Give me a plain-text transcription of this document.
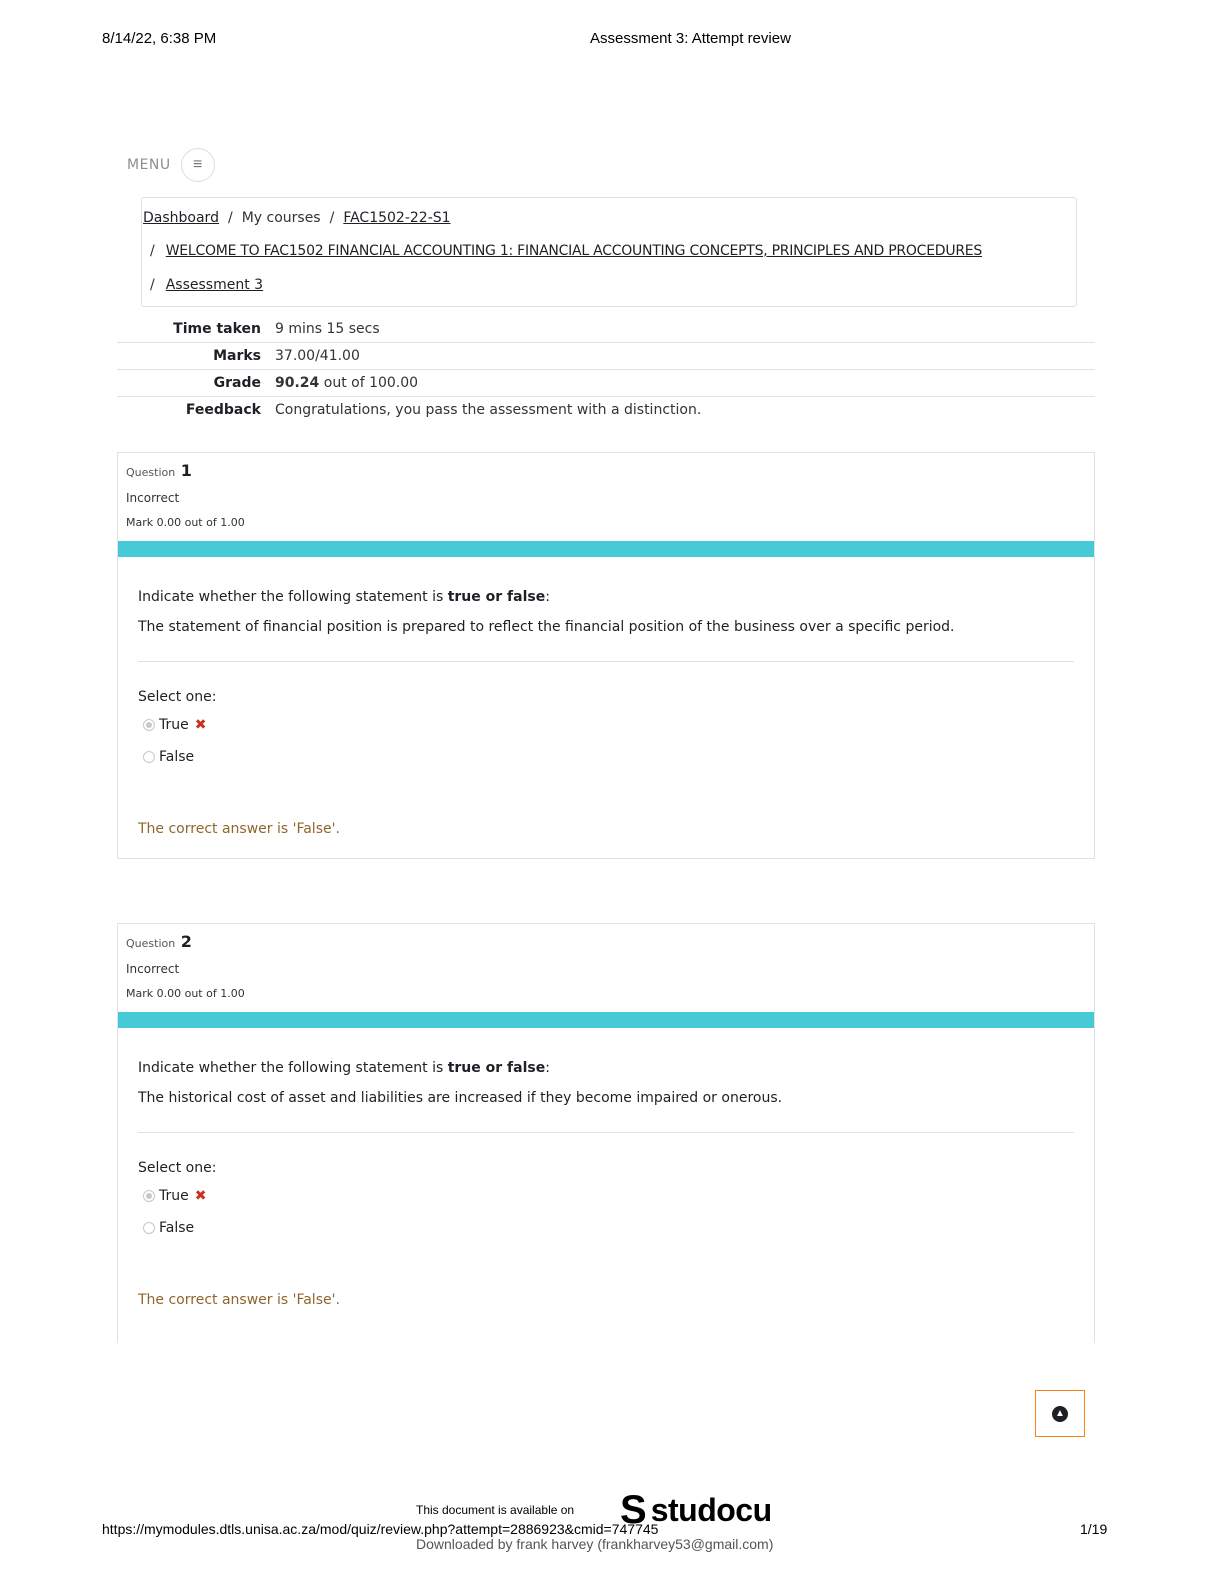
8/14/22, 6:38 PM	Assessment 3: Attempt review
MENU	≡
Dashboard / My courses / FAC1502-22-S1
/ WELCOME TO FAC1502 FINANCIAL ACCOUNTING 1: FINANCIAL ACCOUNTING CONCEPTS, PRINCIPLES AND PROCEDURES
/ Assessment 3
Time taken	9 mins 15 secs
Marks	37.00/41.00
Grade	90.24 out of 100.00
Feedback	Congratulations, you pass the assessment with a distinction.
Question 1
Incorrect
Mark 0.00 out of 1.00
Indicate whether the following statement is true or false:
The statement of financial position is prepared to reflect the financial position of the business over a specific period.
Select one:
True ✖
False
The correct answer is 'False'.
Question 2
Incorrect
Mark 0.00 out of 1.00
Indicate whether the following statement is true or false:
The historical cost of asset and liabilities are increased if they become impaired or onerous.
Select one:
True ✖
False
The correct answer is 'False'.
▲
This document is available on S studocu
https://mymodules.dtls.unisa.ac.za/mod/quiz/review.php?attempt=2886923&cmid=747745	1/19
Downloaded by frank harvey (frankharvey53@gmail.com)
